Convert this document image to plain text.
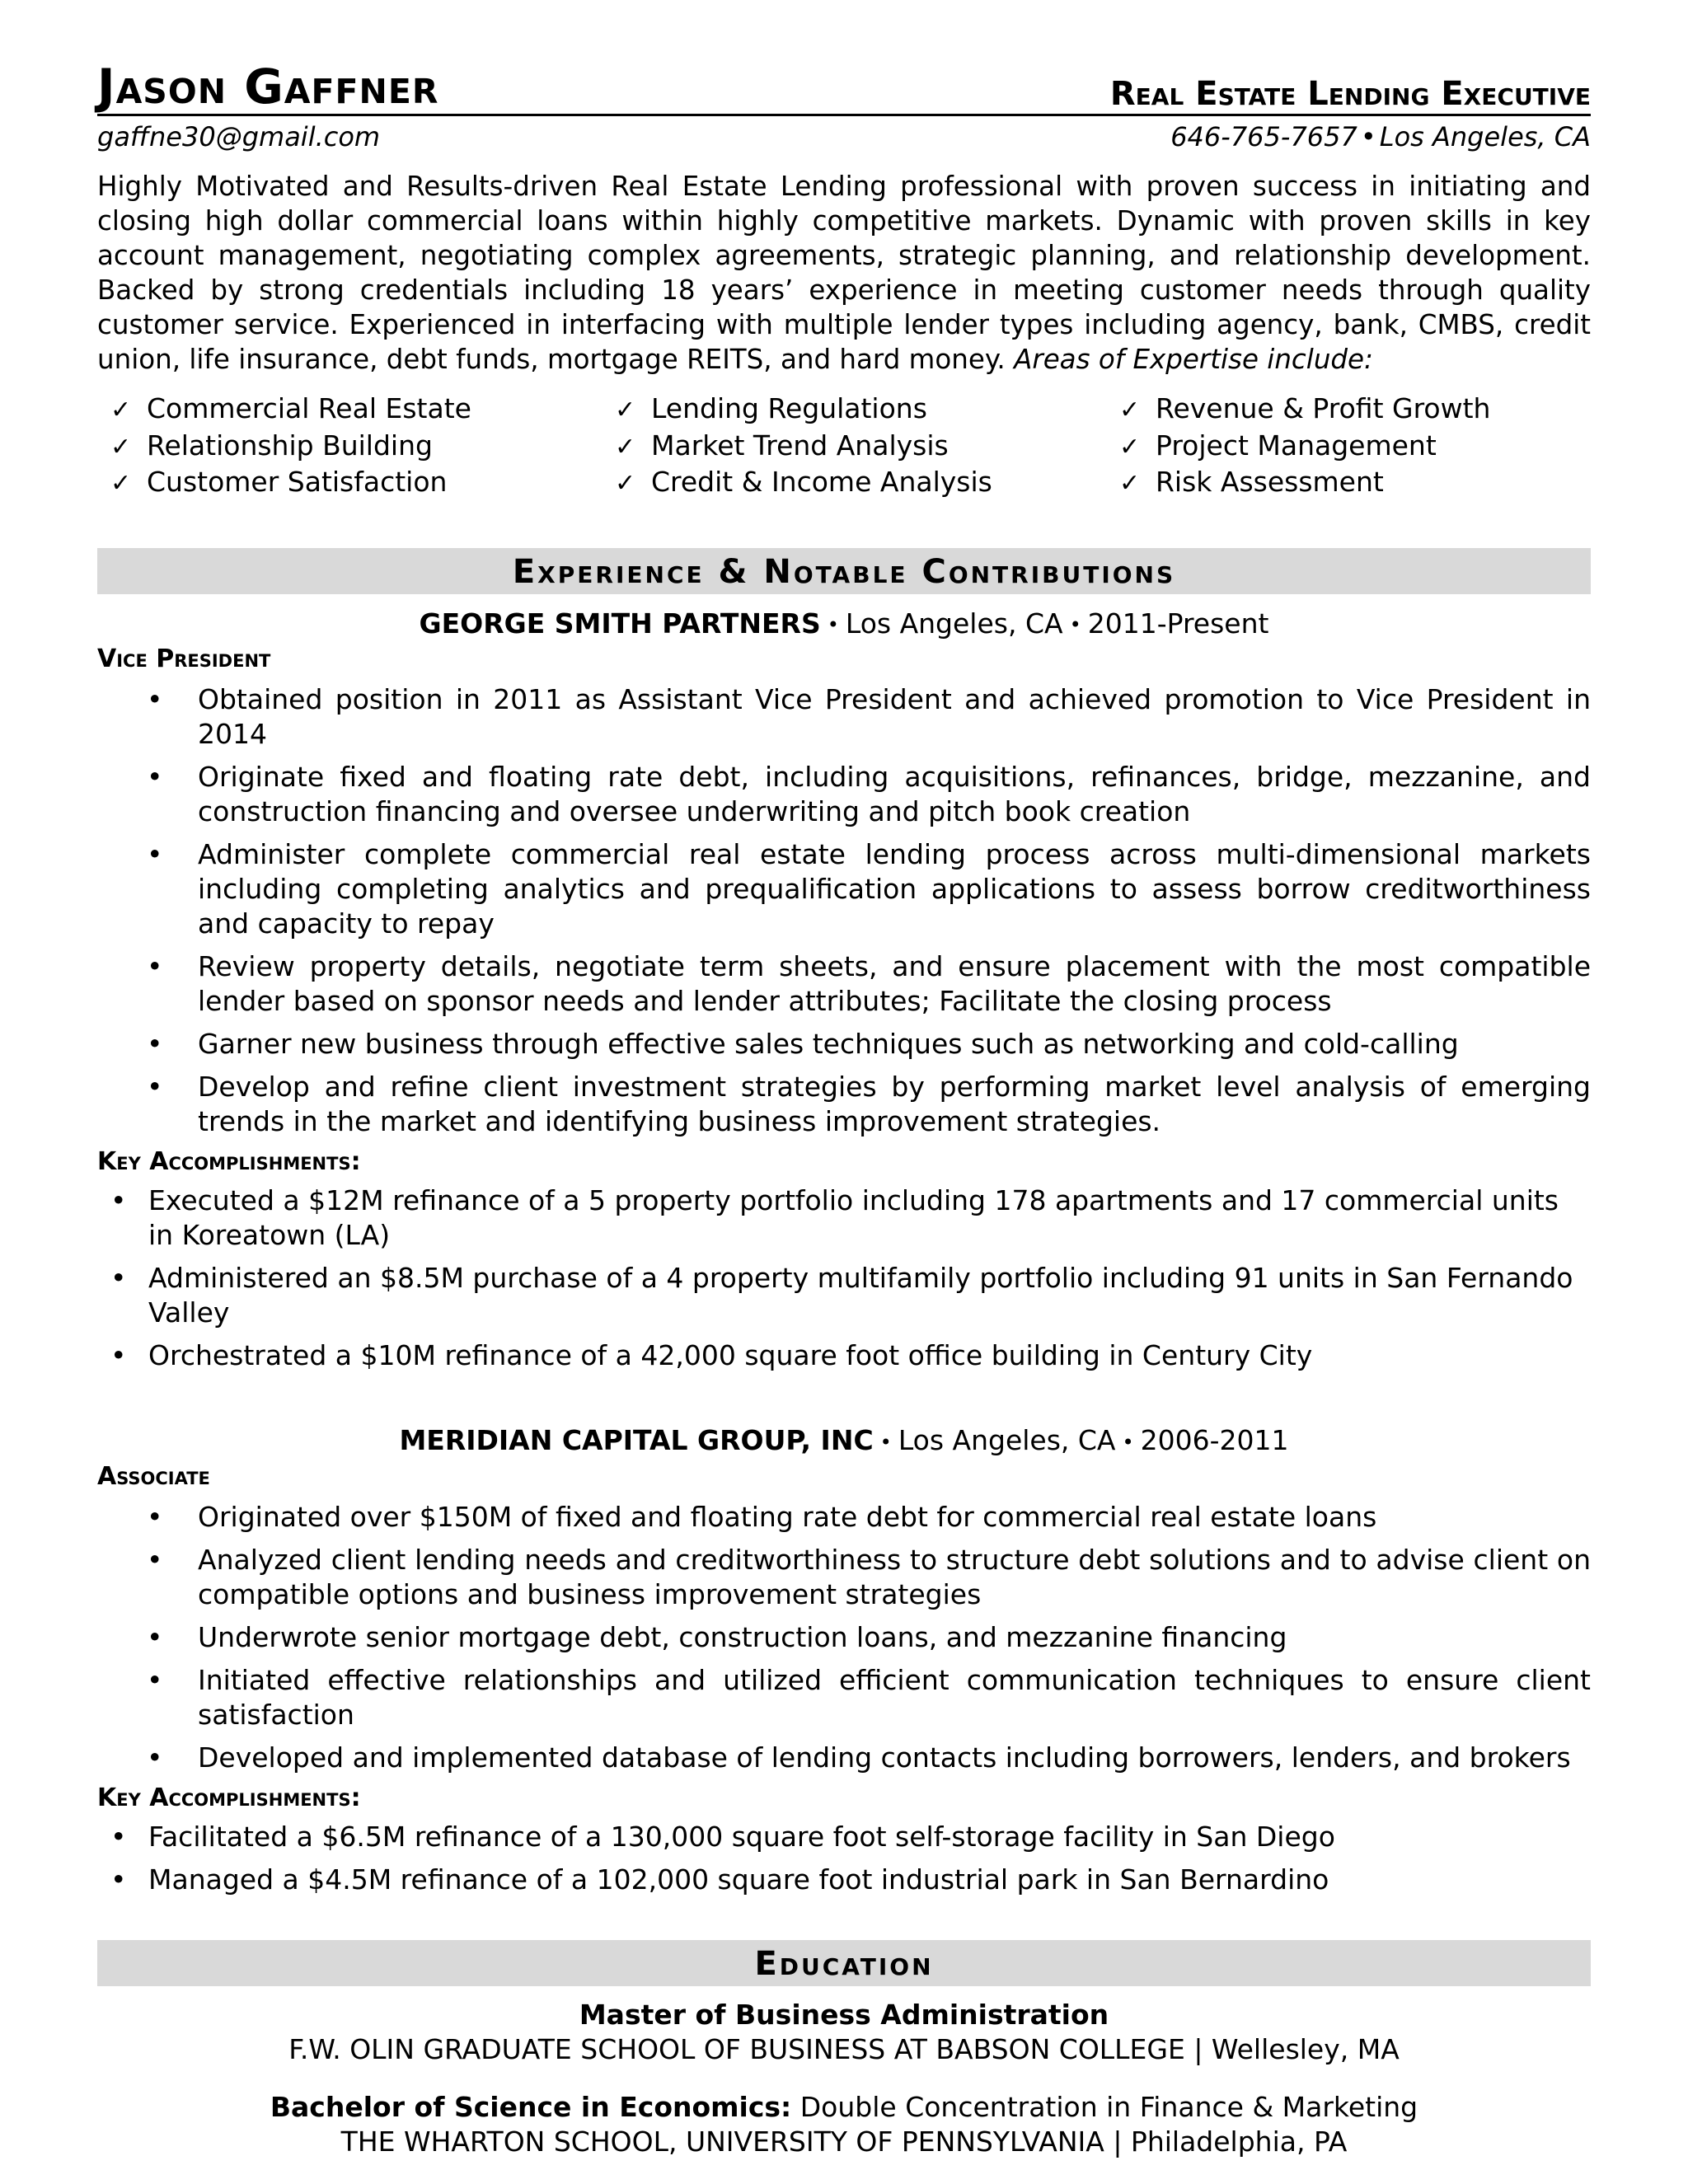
Jason Gaffner	Real Estate Lending Executive
gaffne30@gmail.com	646-765-7657 • Los Angeles, CA
Highly Motivated and Results-driven Real Estate Lending professional with proven success in initiating and closing high dollar commercial loans within highly competitive markets. Dynamic with proven skills in key account management, negotiating complex agreements, strategic planning, and relationship development. Backed by strong credentials including 18 years’ experience in meeting customer needs through quality customer service. Experienced in interfacing with multiple lender types including agency, bank, CMBS, credit union, life insurance, debt funds, mortgage REITS, and hard money. Areas of Expertise include:
✓ Commercial Real Estate
✓ Relationship Building
✓ Customer Satisfaction
✓ Lending Regulations
✓ Market Trend Analysis
✓ Credit & Income Analysis
✓ Revenue & Profit Growth
✓ Project Management
✓ Risk Assessment
Experience & Notable Contributions
GEORGE SMITH PARTNERS • Los Angeles, CA • 2011-Present
Vice President
•	Obtained position in 2011 as Assistant Vice President and achieved promotion to Vice President in 2014
•	Originate fixed and floating rate debt, including acquisitions, refinances, bridge, mezzanine, and construction financing and oversee underwriting and pitch book creation
•	Administer complete commercial real estate lending process across multi-dimensional markets including completing analytics and prequalification applications to assess borrow creditworthiness and capacity to repay
•	Review property details, negotiate term sheets, and ensure placement with the most compatible lender based on sponsor needs and lender attributes; Facilitate the closing process
•	Garner new business through effective sales techniques such as networking and cold-calling
•	Develop and refine client investment strategies by performing market level analysis of emerging trends in the market and identifying business improvement strategies.
Key Accomplishments:
• Executed a $12M refinance of a 5 property portfolio including 178 apartments and 17 commercial units in Koreatown (LA)
• Administered an $8.5M purchase of a 4 property multifamily portfolio including 91 units in San Fernando Valley
• Orchestrated a $10M refinance of a 42,000 square foot office building in Century City
MERIDIAN CAPITAL GROUP, INC • Los Angeles, CA • 2006-2011
Associate
•	Originated over $150M of fixed and floating rate debt for commercial real estate loans
•	Analyzed client lending needs and creditworthiness to structure debt solutions and to advise client on compatible options and business improvement strategies
•	Underwrote senior mortgage debt, construction loans, and mezzanine financing
•	Initiated effective relationships and utilized efficient communication techniques to ensure client satisfaction
•	Developed and implemented database of lending contacts including borrowers, lenders, and brokers
Key Accomplishments:
• Facilitated a $6.5M refinance of a 130,000 square foot self-storage facility in San Diego
• Managed a $4.5M refinance of a 102,000 square foot industrial park in San Bernardino
Education
Master of Business Administration
F.W. OLIN GRADUATE SCHOOL OF BUSINESS AT BABSON COLLEGE | Wellesley, MA
Bachelor of Science in Economics: Double Concentration in Finance & Marketing
THE WHARTON SCHOOL, UNIVERSITY OF PENNSYLVANIA | Philadelphia, PA
